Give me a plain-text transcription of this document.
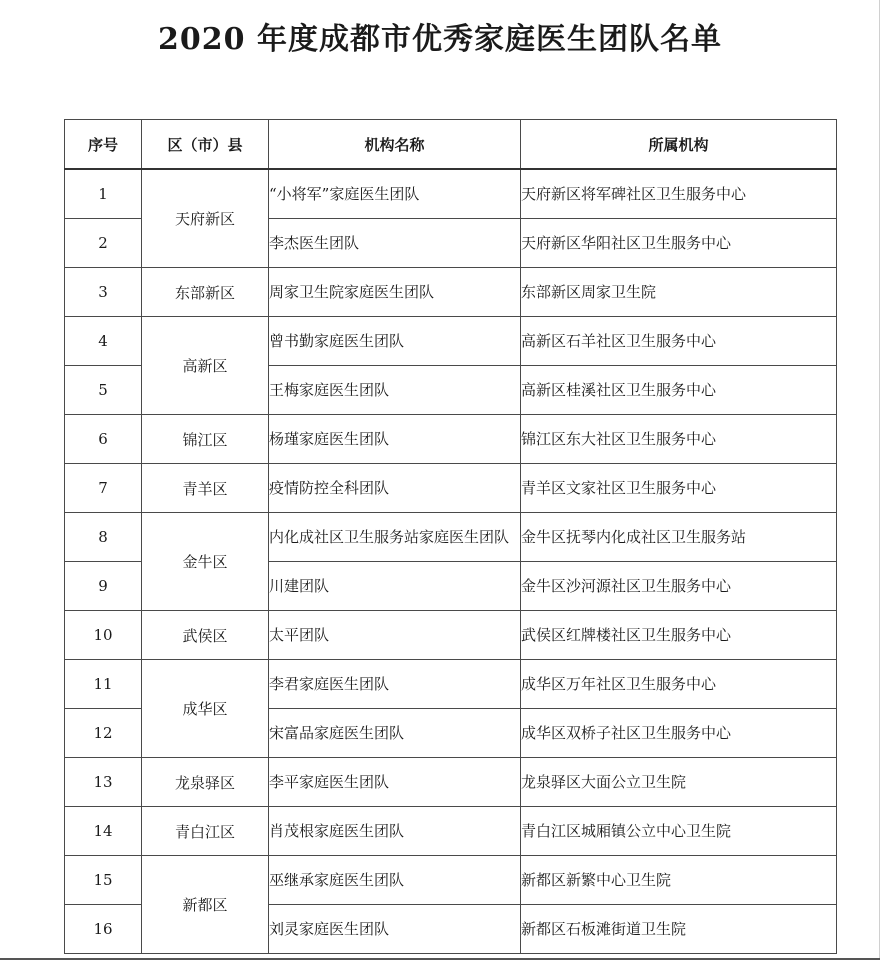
2020 年度成都市优秀家庭医生团队名单
序号	区（市）县	机构名称	所属机构
1	天府新区	“小将军”家庭医生团队	天府新区将军碑社区卫生服务中心
2		李杰医生团队	天府新区华阳社区卫生服务中心
3	东部新区	周家卫生院家庭医生团队	东部新区周家卫生院
4	高新区	曾书勤家庭医生团队	高新区石羊社区卫生服务中心
5		王梅家庭医生团队	高新区桂溪社区卫生服务中心
6	锦江区	杨瑾家庭医生团队	锦江区东大社区卫生服务中心
7	青羊区	疫情防控全科团队	青羊区文家社区卫生服务中心
8	金牛区	内化成社区卫生服务站家庭医生团队	金牛区抚琴内化成社区卫生服务站
9		川建团队	金牛区沙河源社区卫生服务中心
10	武侯区	太平团队	武侯区红牌楼社区卫生服务中心
11	成华区	李君家庭医生团队	成华区万年社区卫生服务中心
12		宋富品家庭医生团队	成华区双桥子社区卫生服务中心
13	龙泉驿区	李平家庭医生团队	龙泉驿区大面公立卫生院
14	青白江区	肖茂根家庭医生团队	青白江区城厢镇公立中心卫生院
15	新都区	巫继承家庭医生团队	新都区新繁中心卫生院
16		刘灵家庭医生团队	新都区石板滩街道卫生院
